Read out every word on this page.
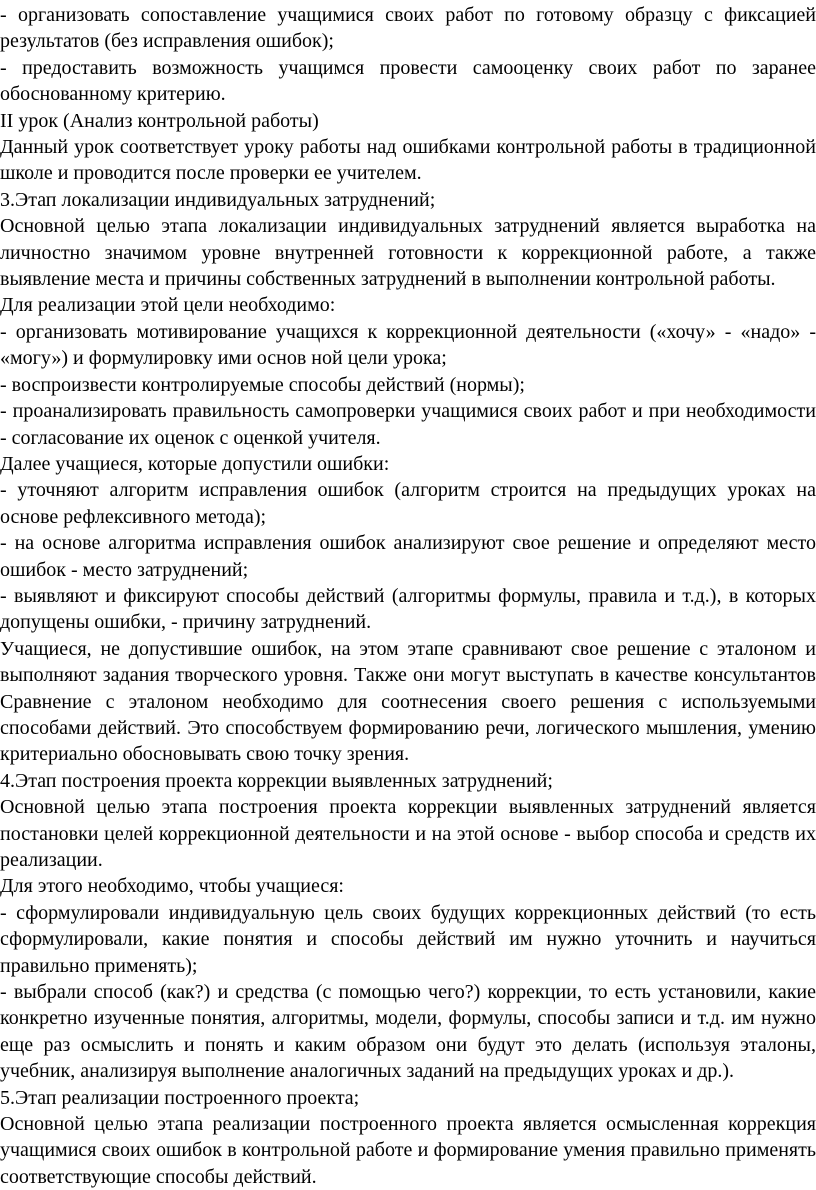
- организовать сопоставление учащимися своих работ по готовому образцу с фиксацией результатов (без исправления ошибок);

- предоставить возможность учащимся провести самооценку своих работ по заранее обоснованному критерию.

II урок (Анализ контрольной работы)

Данный урок соответствует уроку работы над ошибками контрольной работы в традиционной школе и проводится после проверки ее учителем.

3.Этап локализации индивидуальных затруднений;

Основной целью этапа локализации индивидуальных затруднений является выработка на личностно значимом уровне внутренней готовности к коррекционной работе, а также выявление места и причины собственных затруднений в выполнении контрольной работы.

Для реализации этой цели необходимо:

- организовать мотивирование учащихся к коррекционной деятельности («хочу» - «надо» - «могу») и формулировку ими основ ной цели урока;

- воспроизвести контролируемые способы действий (нормы);

- проанализировать правильность самопроверки учащимися своих работ и при необходимости - согласование их оценок с оценкой учителя.

Далее учащиеся, которые допустили ошибки:

- уточняют алгоритм исправления ошибок (алгоритм строится на предыдущих уроках на основе рефлексивного метода);

- на основе алгоритма исправления ошибок анализируют свое решение и определяют место ошибок - место затруднений;

- выявляют и фиксируют способы действий (алгоритмы формулы, правила и т.д.), в которых допущены ошибки, - причину затруднений.

Учащиеся, не допустившие ошибок, на этом этапе сравнивают свое решение с эталоном и выполняют задания творческого уровня. Также они могут выступать в качестве консультантов Сравнение с эталоном необходимо для соотнесения своего решения с используемыми способами действий. Это способствуем формированию речи, логического мышления, умению критериально обосновывать свою точку зрения.

4.Этап построения проекта коррекции выявленных затруднений;

Основной целью этапа построения проекта коррекции выявленных затруднений является постановки целей коррекционной деятельности и на этой основе - выбор способа и средств их реализации.

Для этого необходимо, чтобы учащиеся:

- сформулировали индивидуальную цель своих будущих коррекционных действий (то есть сформулировали, какие понятия и способы действий им нужно уточнить и научиться правильно применять);

- выбрали способ (как?) и средства (с помощью чего?) коррекции, то есть установили, какие конкретно изученные понятия, алгоритмы, модели, формулы, способы записи и т.д. им нужно еще раз осмыслить и понять и каким образом они будут это делать (используя эталоны, учебник, анализируя выполнение аналогичных заданий на предыдущих уроках и др.).

5.Этап реализации построенного проекта;

Основной целью этапа реализации построенного проекта является осмысленная коррекция учащимися своих ошибок в контрольной работе и формирование умения правильно применять соответствующие способы действий.
